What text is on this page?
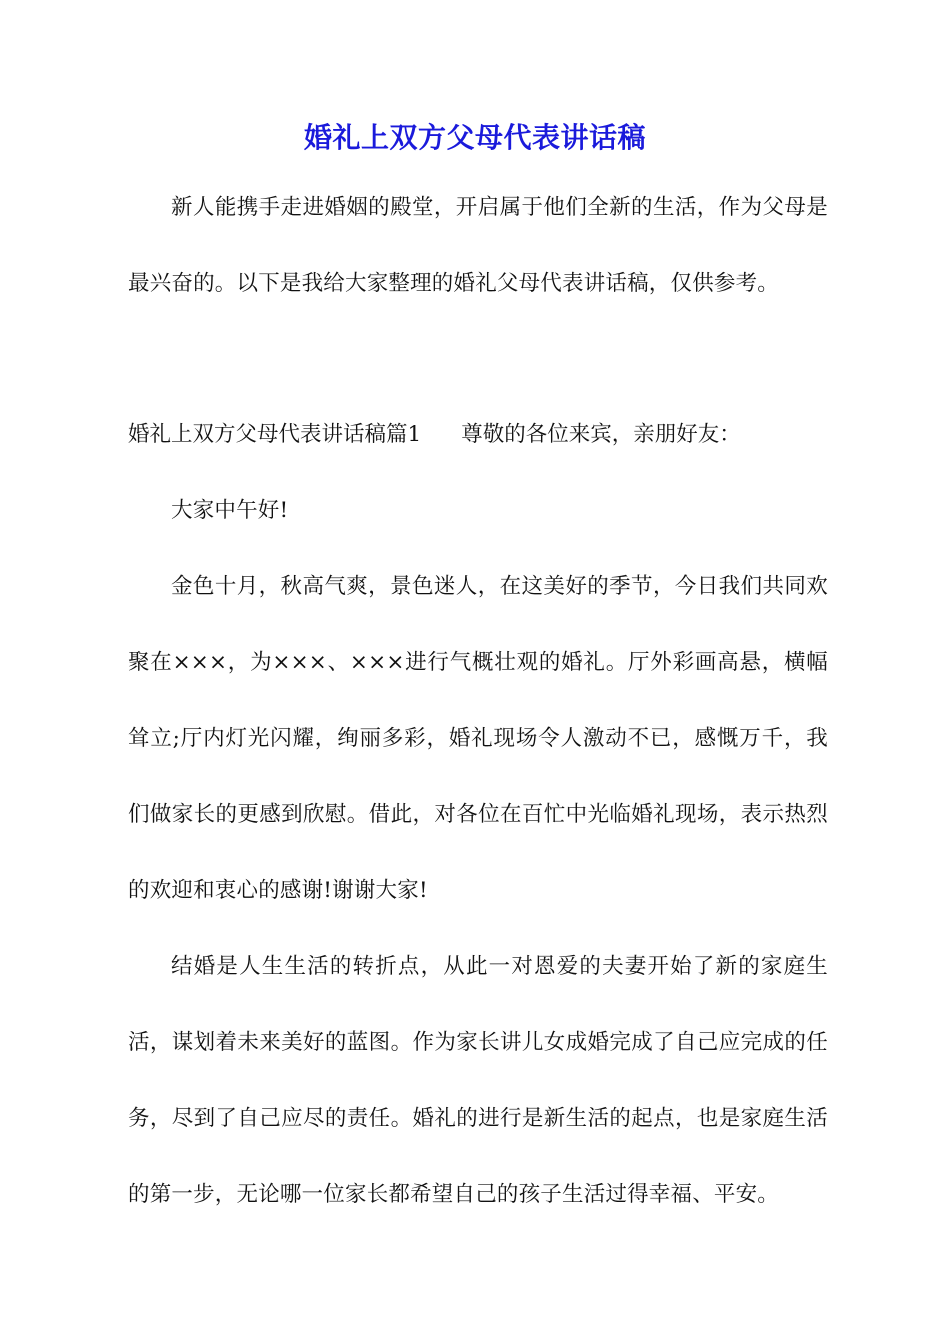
婚礼上双方父母代表讲话稿

新人能携手走进婚姻的殿堂，开启属于他们全新的生活，作为父母是最兴奋的。以下是我给大家整理的婚礼父母代表讲话稿，仅供参考。

婚礼上双方父母代表讲话稿篇1 尊敬的各位来宾，亲朋好友：

大家中午好!

金色十月，秋高气爽，景色迷人，在这美好的季节，今日我们共同欢聚在×××，为×××、×××进行气概壮观的婚礼。厅外彩画高悬，横幅耸立;厅内灯光闪耀，绚丽多彩，婚礼现场令人激动不已，感慨万千，我们做家长的更感到欣慰。借此，对各位在百忙中光临婚礼现场，表示热烈的欢迎和衷心的感谢!谢谢大家!

结婚是人生生活的转折点，从此一对恩爱的夫妻开始了新的家庭生活，谋划着未来美好的蓝图。作为家长讲儿女成婚完成了自己应完成的任务，尽到了自己应尽的责任。婚礼的进行是新生活的起点，也是家庭生活的第一步，无论哪一位家长都希望自己的孩子生活过得幸福、平安。
